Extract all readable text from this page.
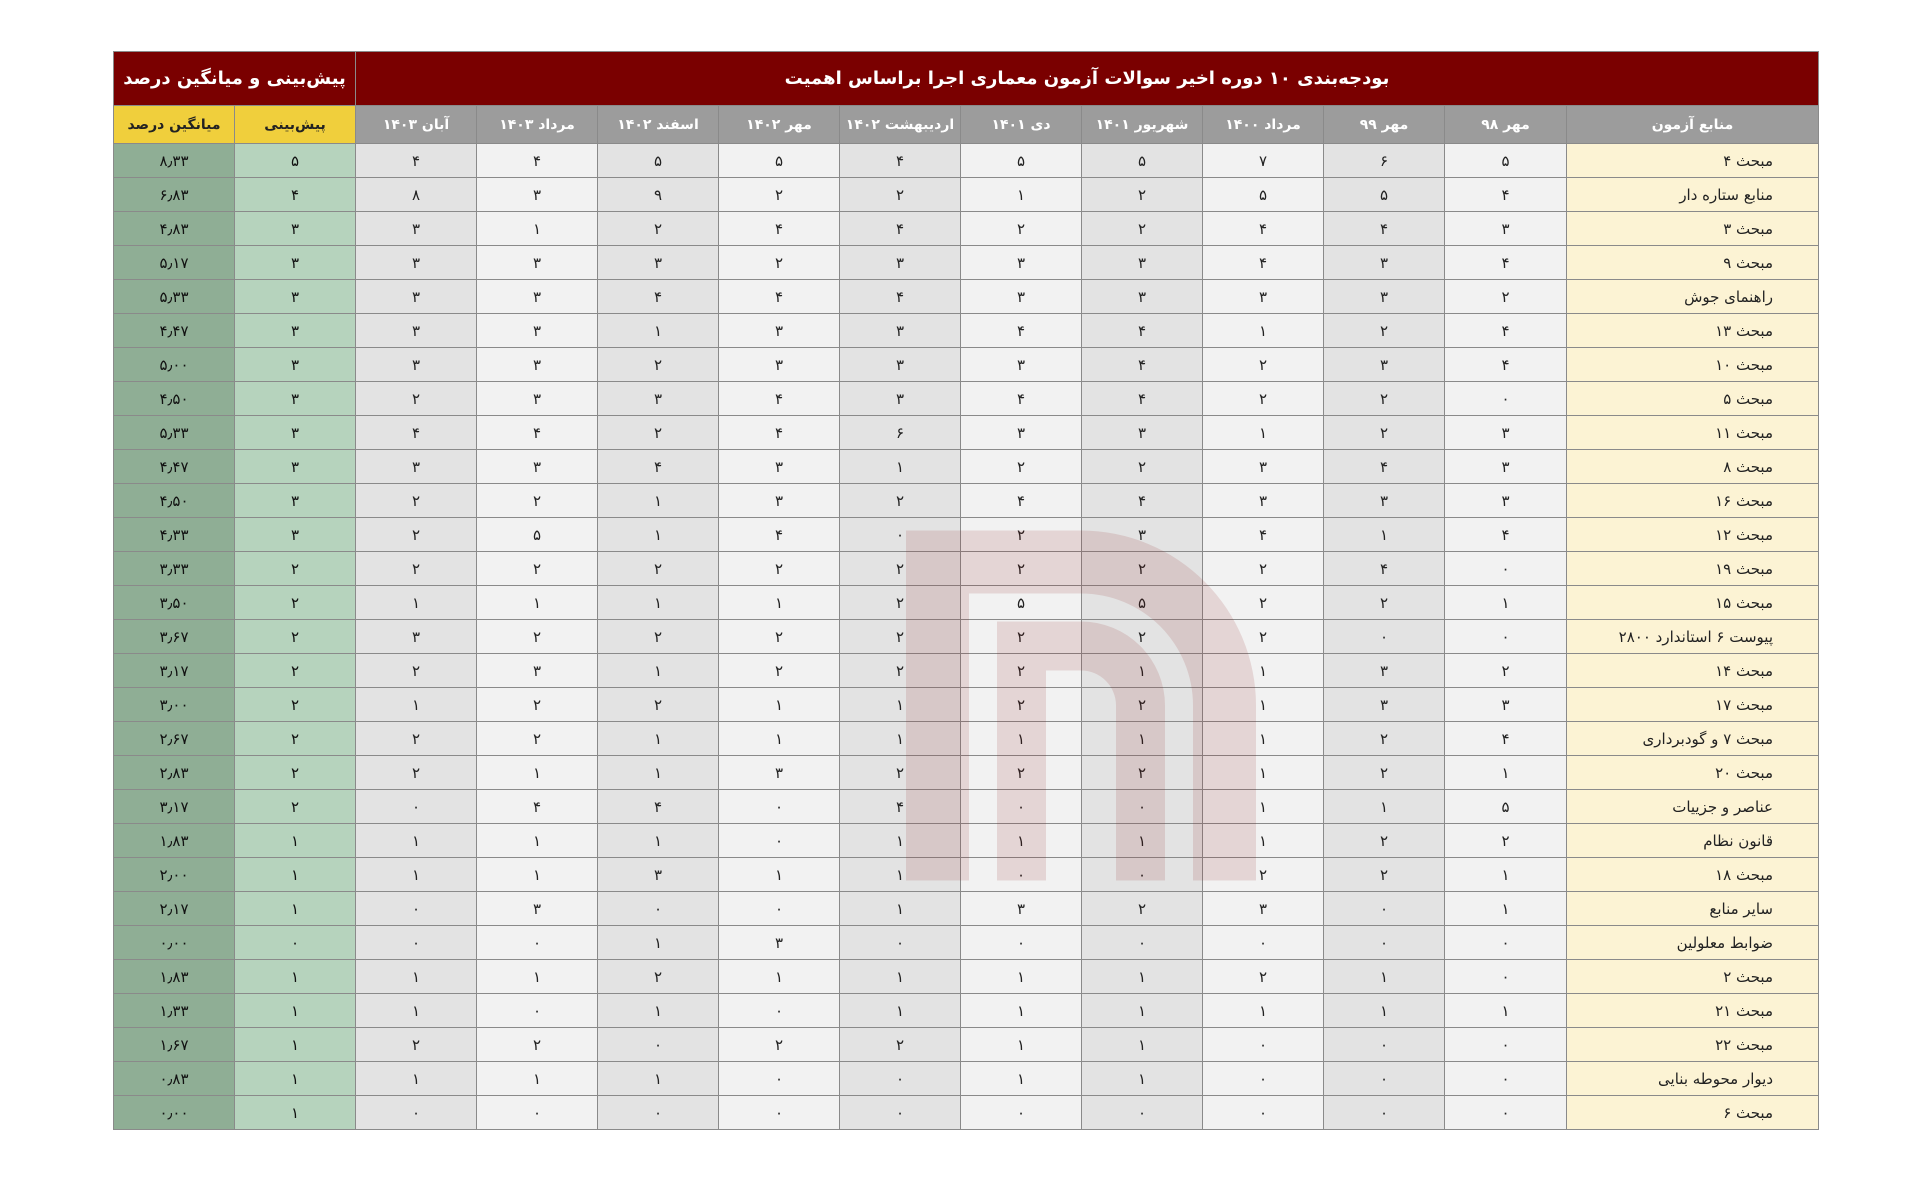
بودجه‌بندی ۱۰ دوره اخیر سوالات آزمون معماری اجرا براساس اهمیت											پیش‌بینی و میانگین درصد	
منابع آزمون	مهر ۹۸	مهر ۹۹	مرداد ۱۴۰۰	شهریور ۱۴۰۱	دی ۱۴۰۱	اردیبهشت ۱۴۰۲	مهر ۱۴۰۲	اسفند ۱۴۰۲	مرداد ۱۴۰۳	آبان ۱۴۰۳	پیش‌بینی	میانگین درصد
مبحث ۴	۵	۶	۷	۵	۵	۴	۵	۵	۴	۴	۵	۸٫۳۳
منابع ستاره دار	۴	۵	۵	۲	۱	۲	۲	۹	۳	۸	۴	۶٫۸۳
مبحث ۳	۳	۴	۴	۲	۲	۴	۴	۲	۱	۳	۳	۴٫۸۳
مبحث ۹	۴	۳	۴	۳	۳	۳	۲	۳	۳	۳	۳	۵٫۱۷
راهنمای جوش	۲	۳	۳	۳	۳	۴	۴	۴	۳	۳	۳	۵٫۳۳
مبحث ۱۳	۴	۲	۱	۴	۴	۳	۳	۱	۳	۳	۳	۴٫۴۷
مبحث ۱۰	۴	۳	۲	۴	۳	۳	۳	۲	۳	۳	۳	۵٫۰۰
مبحث ۵	۰	۲	۲	۴	۴	۳	۴	۳	۳	۲	۳	۴٫۵۰
مبحث ۱۱	۳	۲	۱	۳	۳	۶	۴	۲	۴	۴	۳	۵٫۳۳
مبحث ۸	۳	۴	۳	۲	۲	۱	۳	۴	۳	۳	۳	۴٫۴۷
مبحث ۱۶	۳	۳	۳	۴	۴	۲	۳	۱	۲	۲	۳	۴٫۵۰
مبحث ۱۲	۴	۱	۴	۳	۲	۰	۴	۱	۵	۲	۳	۴٫۳۳
مبحث ۱۹	۰	۴	۲	۲	۲	۲	۲	۲	۲	۲	۲	۳٫۳۳
مبحث ۱۵	۱	۲	۲	۵	۵	۲	۱	۱	۱	۱	۲	۳٫۵۰
پیوست ۶ استاندارد ۲۸۰۰	۰	۰	۲	۲	۲	۲	۲	۲	۲	۳	۲	۳٫۶۷
مبحث ۱۴	۲	۳	۱	۱	۲	۲	۲	۱	۳	۲	۲	۳٫۱۷
مبحث ۱۷	۳	۳	۱	۲	۲	۱	۱	۲	۲	۱	۲	۳٫۰۰
مبحث ۷ و گودبرداری	۴	۲	۱	۱	۱	۱	۱	۱	۲	۲	۲	۲٫۶۷
مبحث ۲۰	۱	۲	۱	۲	۲	۲	۳	۱	۱	۲	۲	۲٫۸۳
عناصر و جزییات	۵	۱	۱	۰	۰	۴	۰	۴	۴	۰	۲	۳٫۱۷
قانون نظام	۲	۲	۱	۱	۱	۱	۰	۱	۱	۱	۱	۱٫۸۳
مبحث ۱۸	۱	۲	۲	۰	۰	۱	۱	۳	۱	۱	۱	۲٫۰۰
سایر منابع	۱	۰	۳	۲	۳	۱	۰	۰	۳	۰	۱	۲٫۱۷
ضوابط معلولین	۰	۰	۰	۰	۰	۰	۳	۱	۰	۰	۰	۰٫۰۰
مبحث ۲	۰	۱	۲	۱	۱	۱	۱	۲	۱	۱	۱	۱٫۸۳
مبحث ۲۱	۱	۱	۱	۱	۱	۱	۰	۱	۰	۱	۱	۱٫۳۳
مبحث ۲۲	۰	۰	۰	۱	۱	۲	۲	۰	۲	۲	۱	۱٫۶۷
دیوار محوطه بنایی	۰	۰	۰	۱	۱	۰	۰	۱	۱	۱	۱	۰٫۸۳
مبحث ۶	۰	۰	۰	۰	۰	۰	۰	۰	۰	۰	۱	۰٫۰۰
